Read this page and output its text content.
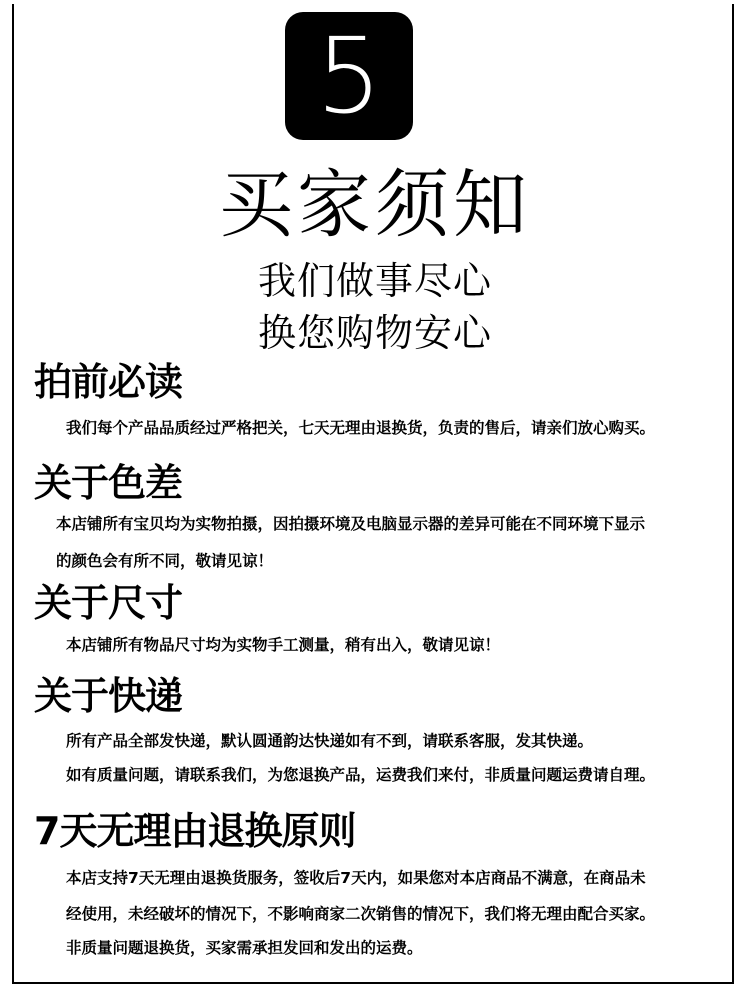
5
买家须知
我们做事尽心
换您购物安心
拍前必读
我们每个产品品质经过严格把关，七天无理由退换货，负责的售后，请亲们放心购买。
关于色差
本店铺所有宝贝均为实物拍摄，因拍摄环境及电脑显示器的差异可能在不同环境下显示
的颜色会有所不同，敬请见谅！
关于尺寸
本店铺所有物品尺寸均为实物手工测量，稍有出入，敬请见谅！
关于快递
所有产品全部发快递，默认圆通韵达快递如有不到，请联系客服，发其快递。
如有质量问题，请联系我们，为您退换产品，运费我们来付，非质量问题运费请自理。
7天无理由退换原则
本店支持7天无理由退换货服务，签收后7天内，如果您对本店商品不满意，在商品未
经使用，未经破坏的情况下，不影响商家二次销售的情况下，我们将无理由配合买家。
非质量问题退换货，买家需承担发回和发出的运费。
